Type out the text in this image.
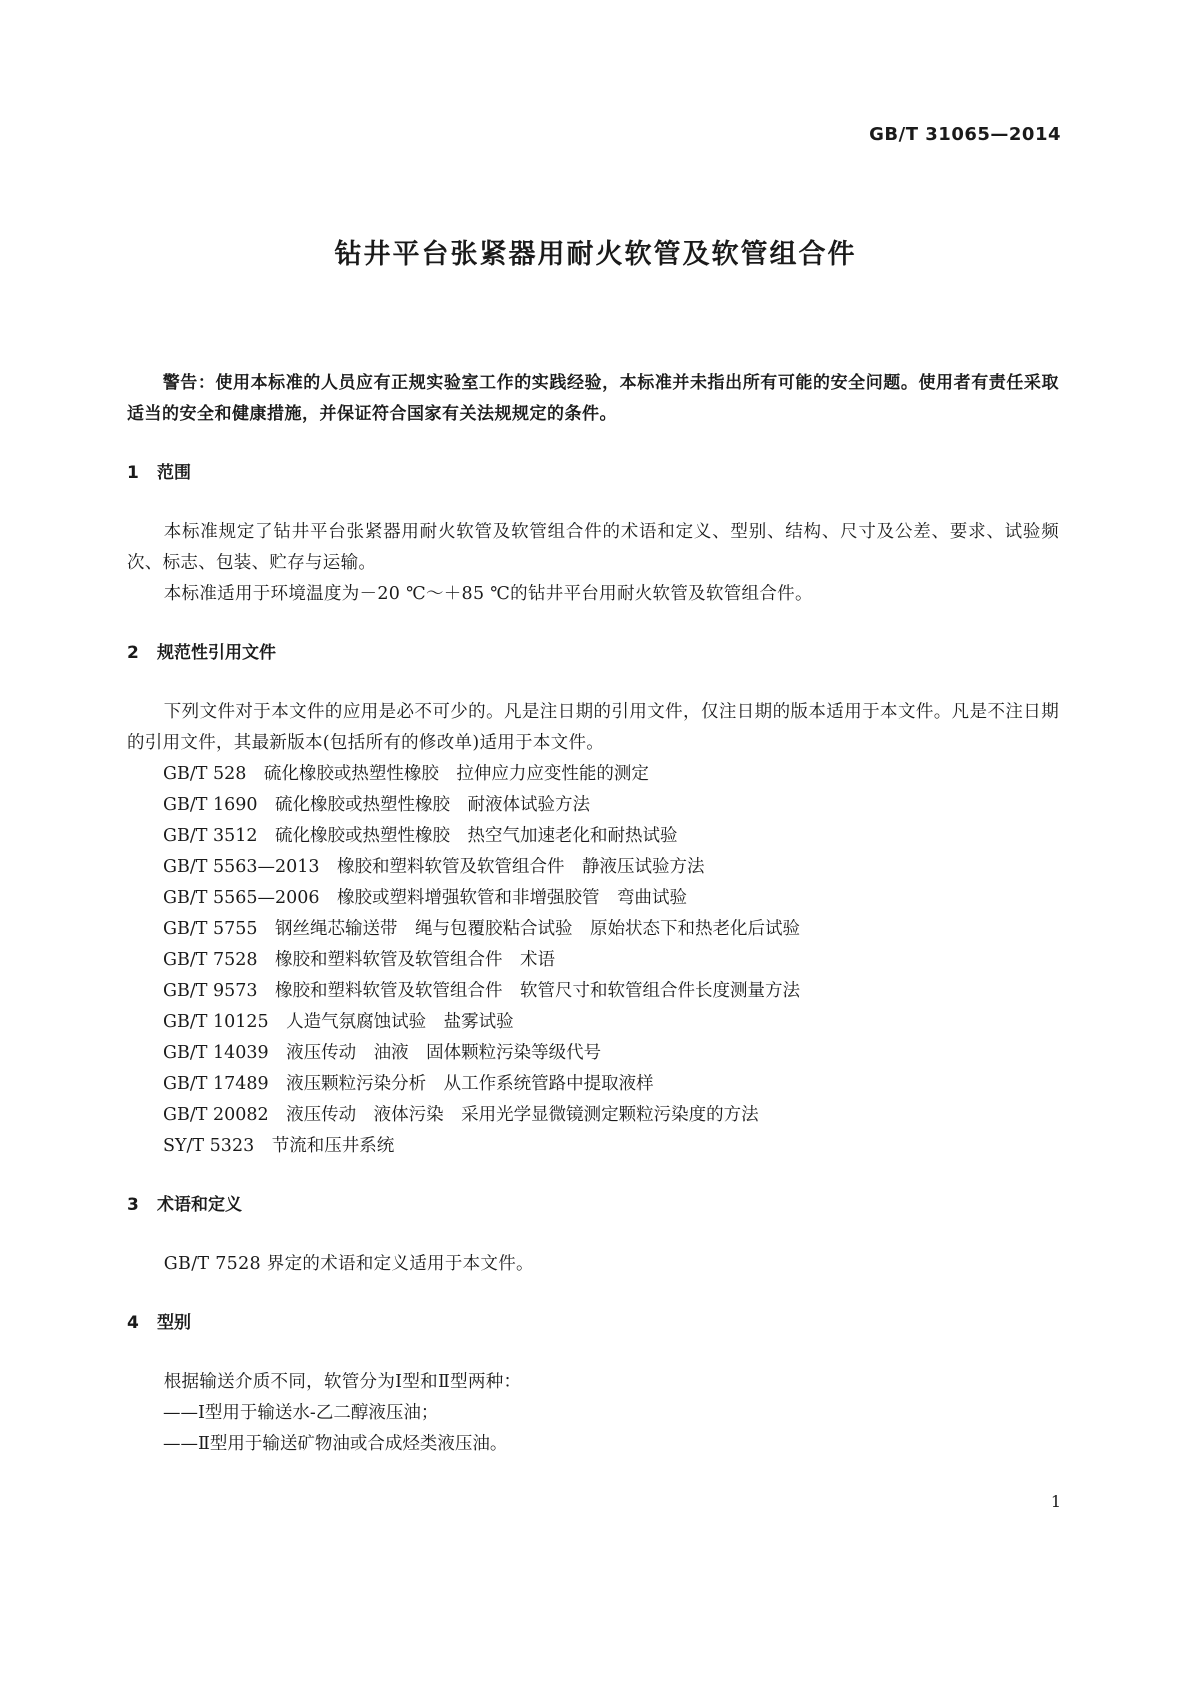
GB/T 31065—2014
钻井平台张紧器用耐火软管及软管组合件

警告：使用本标准的人员应有正规实验室工作的实践经验，本标准并未指出所有可能的安全问题。使用者有责任采取适当的安全和健康措施，并保证符合国家有关法规规定的条件。

1 范围

本标准规定了钻井平台张紧器用耐火软管及软管组合件的术语和定义、型别、结构、尺寸及公差、要求、试验频次、标志、包装、贮存与运输。

本标准适用于环境温度为－20 ℃～＋85 ℃的钻井平台用耐火软管及软管组合件。

2 规范性引用文件

下列文件对于本文件的应用是必不可少的。凡是注日期的引用文件，仅注日期的版本适用于本文件。凡是不注日期的引用文件，其最新版本(包括所有的修改单)适用于本文件。

GB/T 528　硫化橡胶或热塑性橡胶　拉伸应力应变性能的测定
GB/T 1690　硫化橡胶或热塑性橡胶　耐液体试验方法
GB/T 3512　硫化橡胶或热塑性橡胶　热空气加速老化和耐热试验
GB/T 5563—2013　橡胶和塑料软管及软管组合件　静液压试验方法
GB/T 5565—2006　橡胶或塑料增强软管和非增强胶管　弯曲试验
GB/T 5755　钢丝绳芯输送带　绳与包覆胶粘合试验　原始状态下和热老化后试验
GB/T 7528　橡胶和塑料软管及软管组合件　术语
GB/T 9573　橡胶和塑料软管及软管组合件　软管尺寸和软管组合件长度测量方法
GB/T 10125　人造气氛腐蚀试验　盐雾试验
GB/T 14039　液压传动　油液　固体颗粒污染等级代号
GB/T 17489　液压颗粒污染分析　从工作系统管路中提取液样
GB/T 20082　液压传动　液体污染　采用光学显微镜测定颗粒污染度的方法
SY/T 5323　节流和压井系统
3 术语和定义

GB/T 7528 界定的术语和定义适用于本文件。

4 型别

根据输送介质不同，软管分为Ⅰ型和Ⅱ型两种：

——Ⅰ型用于输送水-乙二醇液压油；
——Ⅱ型用于输送矿物油或合成烃类液压油。
1
